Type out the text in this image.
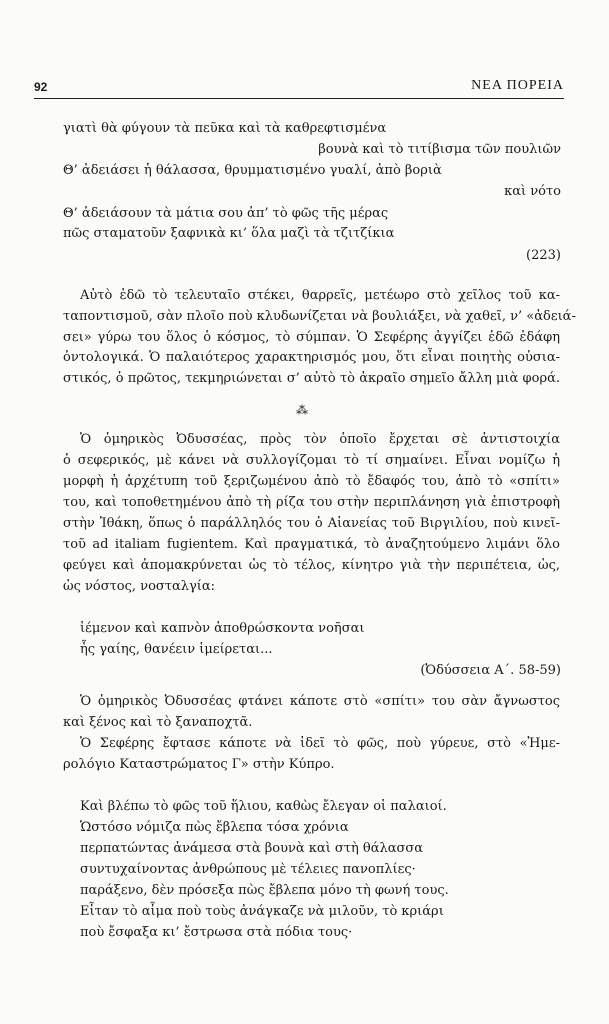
92	ΝΕΑ ΠΟΡΕΙΑ
γιατὶ θὰ φύγουν τὰ πεῦκα καὶ τὰ καθρεφτισμένα
βουνὰ καὶ τὸ τιτίβισμα τῶν πουλιῶν
Θ’ ἀδειάσει ἡ θάλασσα, θρυμματισμένο γυαλί, ἀπὸ βοριὰ
καὶ νότο
Θ’ ἀδειάσουν τὰ μάτια σου ἀπ’ τὸ φῶς τῆς μέρας
πῶς σταματοῦν ξαφνικὰ κι’ ὅλα μαζὶ τὰ τζιτζίκια
(223)
Αὐτὸ ἐδῶ τὸ τελευταῖο στέκει, θαρρεῖς, μετέωρο στὸ χεῖλος τοῦ κα-
ταποντισμοῦ, σὰν πλοῖο ποὺ κλυδωνίζεται νὰ βουλιάξει, νὰ χαθεῖ, ν’ «ἀδειά-
σει» γύρω του ὅλος ὁ κόσμος, τὸ σύμπαν. Ὁ Σεφέρης ἀγγίζει ἐδῶ ἐδάφη
ὀντολογικά. Ὁ παλαιότερος χαρακτηρισμός μου, ὅτι εἶναι ποιητὴς οὐσια-
στικός, ὁ πρῶτος, τεκμηριώνεται σ’ αὐτὸ τὸ ἀκραῖο σημεῖο ἄλλη μιὰ φορά.
⁂
Ὁ ὁμηρικὸς Ὀδυσσέας, πρὸς τὸν ὁποῖο ἔρχεται σὲ ἀντιστοιχία
ὁ σεφερικός, μὲ κάνει νὰ συλλογίζομαι τὸ τί σημαίνει. Εἶναι νομίζω ἡ
μορφὴ ἡ ἀρχέτυπη τοῦ ξεριζωμένου ἀπὸ τὸ ἔδαφός του, ἀπὸ τὸ «σπίτι»
του, καὶ τοποθετημένου ἀπὸ τὴ ρίζα του στὴν περιπλάνηση γιὰ ἐπιστροφὴ
στὴν Ἰθάκη, ὅπως ὁ παράλληλός του ὁ Αἰανείας τοῦ Βιργιλίου, ποὺ κινεῖ-
τοῦ ad italiam fugientem. Καὶ πραγματικά, τὸ ἀναζητούμενο λιμάνι ὅλο
φεύγει καὶ ἀπομακρύνεται ὡς τὸ τέλος, κίνητρο γιὰ τὴν περιπέτεια, ὡς,
ὡς νόστος, νοσταλγία:
ἱέμενον καὶ καπνὸν ἀποθρώσκοντα νοῆσαι
ἧς γαίης, θανέειν ἱμείρεται...
(Ὀδύσσεια Α΄. 58-59)
Ὁ ὁμηρικὸς Ὀδυσσέας φτάνει κάποτε στὸ «σπίτι» του σὰν ἄγνωστος
καὶ ξένος καὶ τὸ ξαναποχτᾶ.
Ὁ Σεφέρης ἔφτασε κάποτε νὰ ἰδεῖ τὸ φῶς, ποὺ γύρευε, στὸ «Ἡμε-
ρολόγιο Καταστρώματος Γ» στὴν Κύπρο.
Καὶ βλέπω τὸ φῶς τοῦ ἥλιου, καθὼς ἔλεγαν οἱ παλαιοί.
Ὡστόσο νόμιζα πὼς ἔβλεπα τόσα χρόνια
περπατώντας ἀνάμεσα στὰ βουνὰ καὶ στὴ θάλασσα
συντυχαίνοντας ἀνθρώπους μὲ τέλειες πανοπλίες·
παράξενο, δὲν πρόσεξα πὼς ἔβλεπα μόνο τὴ φωνή τους.
Εἶταν τὸ αἷμα ποὺ τοὺς ἀνάγκαζε νὰ μιλοῦν, τὸ κριάρι
ποὺ ἔσφαξα κι’ ἔστρωσα στὰ πόδια τους·
